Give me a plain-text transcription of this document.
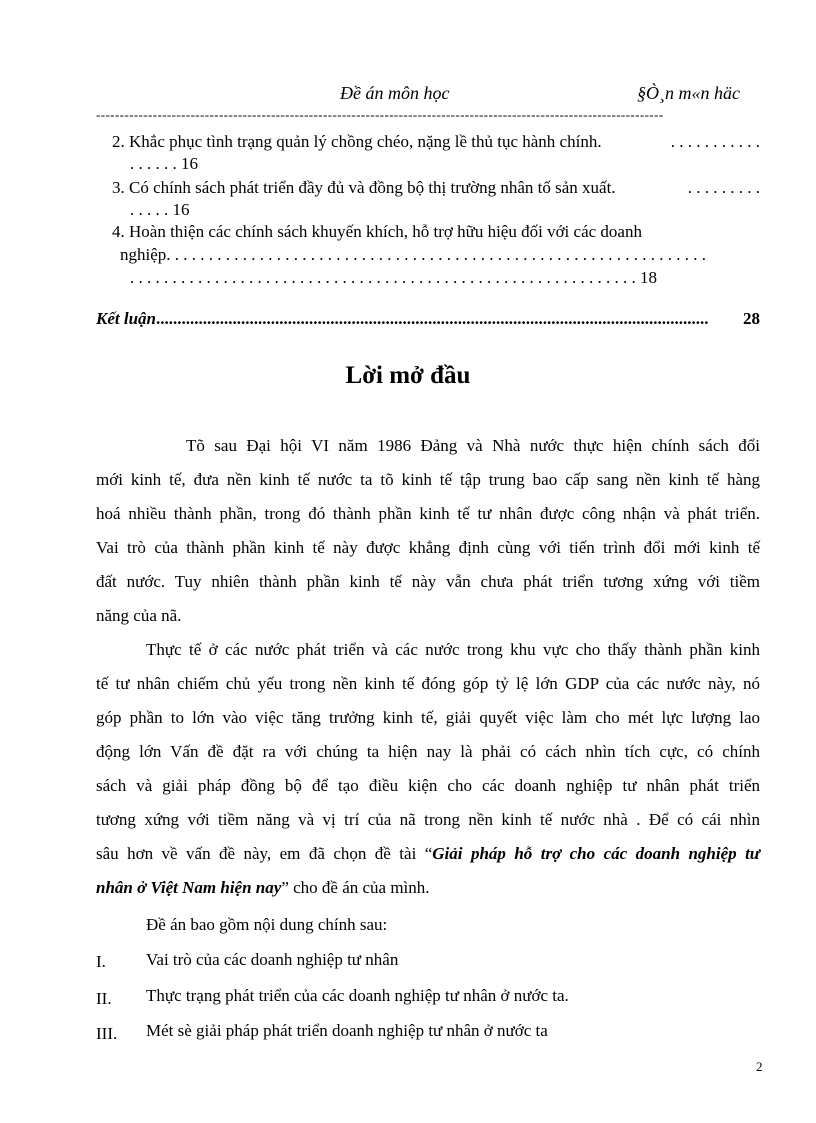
Đề án môn học	§Ò¸n m«n häc
------------------------------------------------------------------------------------------------------------------------
2. Khắc phục tình trạng quản lý chồng chéo, nặng lề thủ tục hành chính.	. . . . . . . . . . .
. . . . . . 16
3. Có chính sách phát triển đầy đủ và đồng bộ thị trường nhân tố sản xuất.	. . . . . . . . .
. . . . . 16
4. Hoàn thiện các chính sách khuyến khích, hỗ trợ hữu hiệu đối với các doanh
nghiệp. . . . . . . . . . . . . . . . . . . . . . . . . . . . . . . . . . . . . . . . . . . . . . . . . . . . . . . . . . . . . . . .
. . . . . . . . . . . . . . . . . . . . . . . . . . . . . . . . . . . . . . . . . . . . . . . . . . . . . . . . . . . . 18
Kết luận.................................................................................................................................. 28
Lời mở đầu
Tõ sau Đại hội VI năm 1986 Đảng và Nhà nước thực hiện chính sách đổi
mới kinh tế, đưa nền kinh tế nước ta tõ kinh tế tập trung bao cấp sang nền kinh tế hàng
hoá nhiều thành phần, trong đó thành phần kinh tế tư nhân được công nhận và phát triển.
Vai trò của thành phần kinh tế này được khẳng định cùng với tiến trình đổi mới kinh tế
đất nước. Tuy nhiên thành phần kinh tế này vẫn chưa phát triển tương xứng với tiềm
năng của nã.
Thực tế ở các nước phát triển và các nước trong khu vực cho thấy thành phần kinh
tế tư nhân chiếm chủ yếu trong nền kinh tế đóng góp tỷ lệ lớn GDP của các nước này, nó
góp phần to lớn vào việc tăng trưởng kinh tế, giải quyết việc làm cho mét lực lượng lao
động lớn Vấn đề đặt ra với chúng ta hiện nay là phải có cách nhìn tích cực, có chính
sách và giải pháp đồng bộ để tạo điều kiện cho các doanh nghiệp tư nhân phát triển
tương xứng với tiềm năng và vị trí của nã trong nền kinh tế nước nhà . Để có cái nhìn
sâu hơn về vấn đề này, em đã chọn đề tài “Giải pháp hỗ trợ cho các doanh nghiệp tư
nhân ở Việt Nam hiện nay” cho đề án của mình.
Đề án bao gồm nội dung chính sau:
I. Vai trò của các doanh nghiệp tư nhân
II. Thực trạng phát triển của các doanh nghiệp tư nhân ở nước ta.
III. Mét sè giải pháp phát triển doanh nghiệp tư nhân ở nước ta
2
